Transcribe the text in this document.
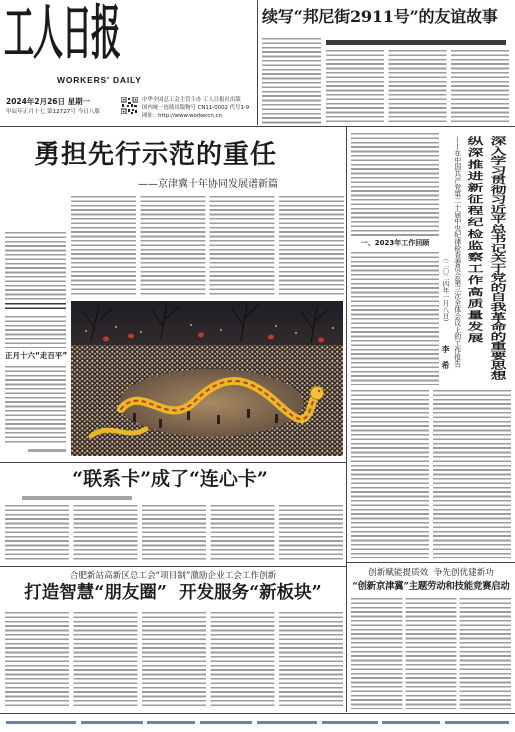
工人日报
WORKERS' DAILY
2024年2月26日 星期一
甲辰年正月十七 第12727号 今日八版
中华全国总工会主管主办 工人日报社出版
国内统一连续出版物号 CN11-0002 代号1-9
网址：http://www.workercn.cn
续写“邦尼街2911号”的友谊故事
勇担先行示范的重任
——京津冀十年协同发展谱新篇
正月十六“走百平”
“联系卡”成了“连心卡”
合肥新站高新区总工会“项目制”激励企业工会工作创新
打造智慧“朋友圈”  开发服务“新板块”
一、2023年工作回顾	深入学习贯彻习近平总书记关于党的自我革命的重要思想
纵深推进新征程纪检监察工作高质量发展
——在中国共产党第二十届中央纪律检查委员会第三次全体会议上的工作报告
（二〇二四年一月八日）
李希
创新赋能提质效  争先创优建新功
“创新京津冀”主题劳动和技能竞赛启动
